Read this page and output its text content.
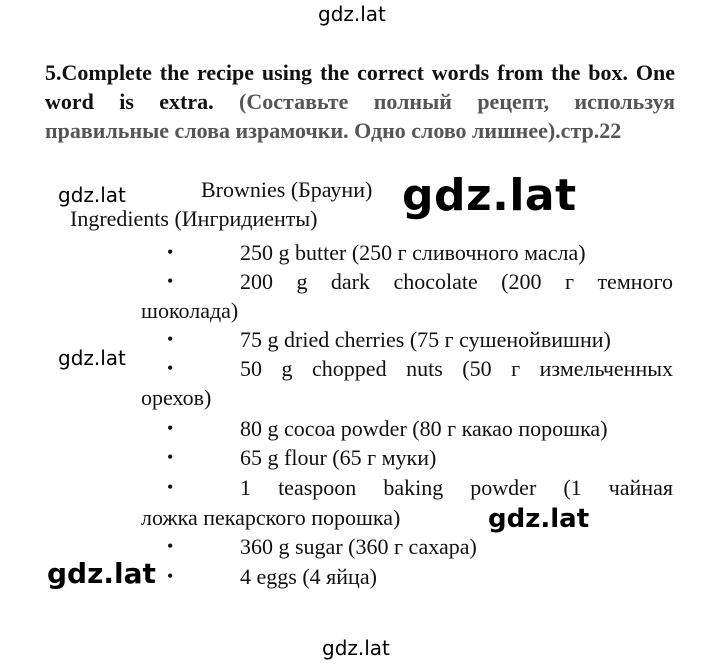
gdz.lat
5.Complete the recipe using the correct words from the box. One word is extra. (Составьте полный рецепт, используя правильные слова израмочки. Одно слово лишнее).стр.22
Brownies (Брауни)
Ingredients (Ингридиенты)
•	250 g butter (250 г сливочного масла)
•	200 g dark chocolate (200 г темного
шоколада)
•	75 g dried cherries (75 г сушенойвишни)
•	50 g chopped nuts (50 г измельченных
орехов)
•	80 g cocoa powder (80 г какао порошка)
•	65 g flour (65 г муки)
•	1 teaspoon baking powder (1 чайная
ложка пекарского порошка)
•	360 g sugar (360 г сахара)
•	4 eggs (4 яйца)
gdz.lat	gdz.lat
gdz.lat
gdz.lat
gdz.lat
gdz.lat
